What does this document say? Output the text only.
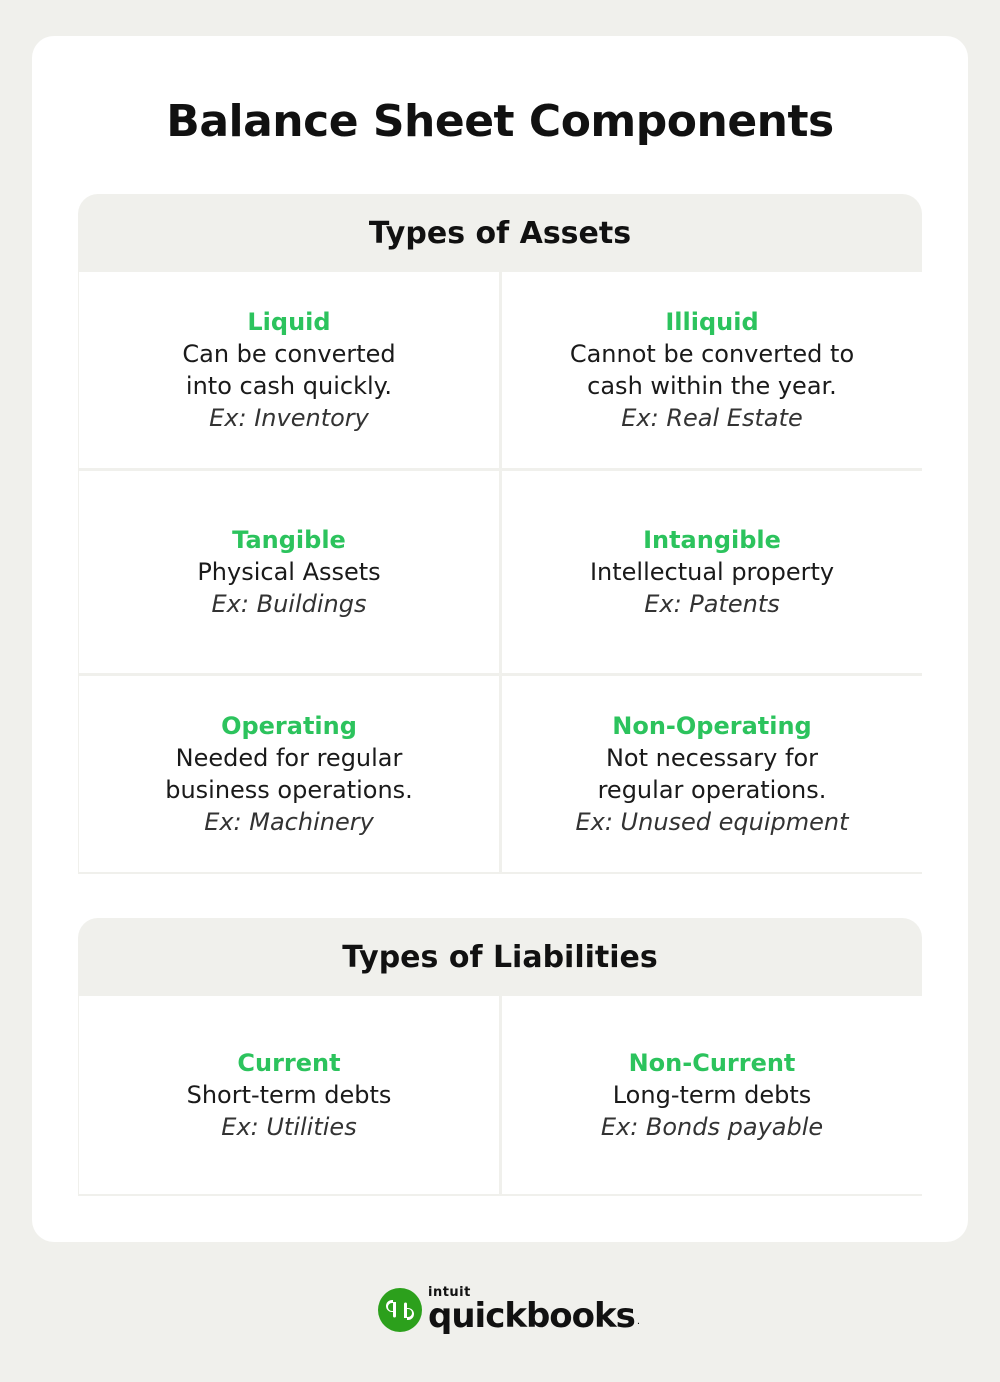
Balance Sheet Components
Types of Assets
Liquid
Can be converted
into cash quickly.
Ex: Inventory
Illiquid
Cannot be converted to
cash within the year.
Ex: Real Estate
Tangible
Physical Assets
Ex: Buildings
Intangible
Intellectual property
Ex: Patents
Operating
Needed for regular
business operations.
Ex: Machinery
Non-Operating
Not necessary for
regular operations.
Ex: Unused equipment
Types of Liabilities
Current
Short-term debts
Ex: Utilities
Non-Current
Long-term debts
Ex: Bonds payable
intuit
quickbooks .
